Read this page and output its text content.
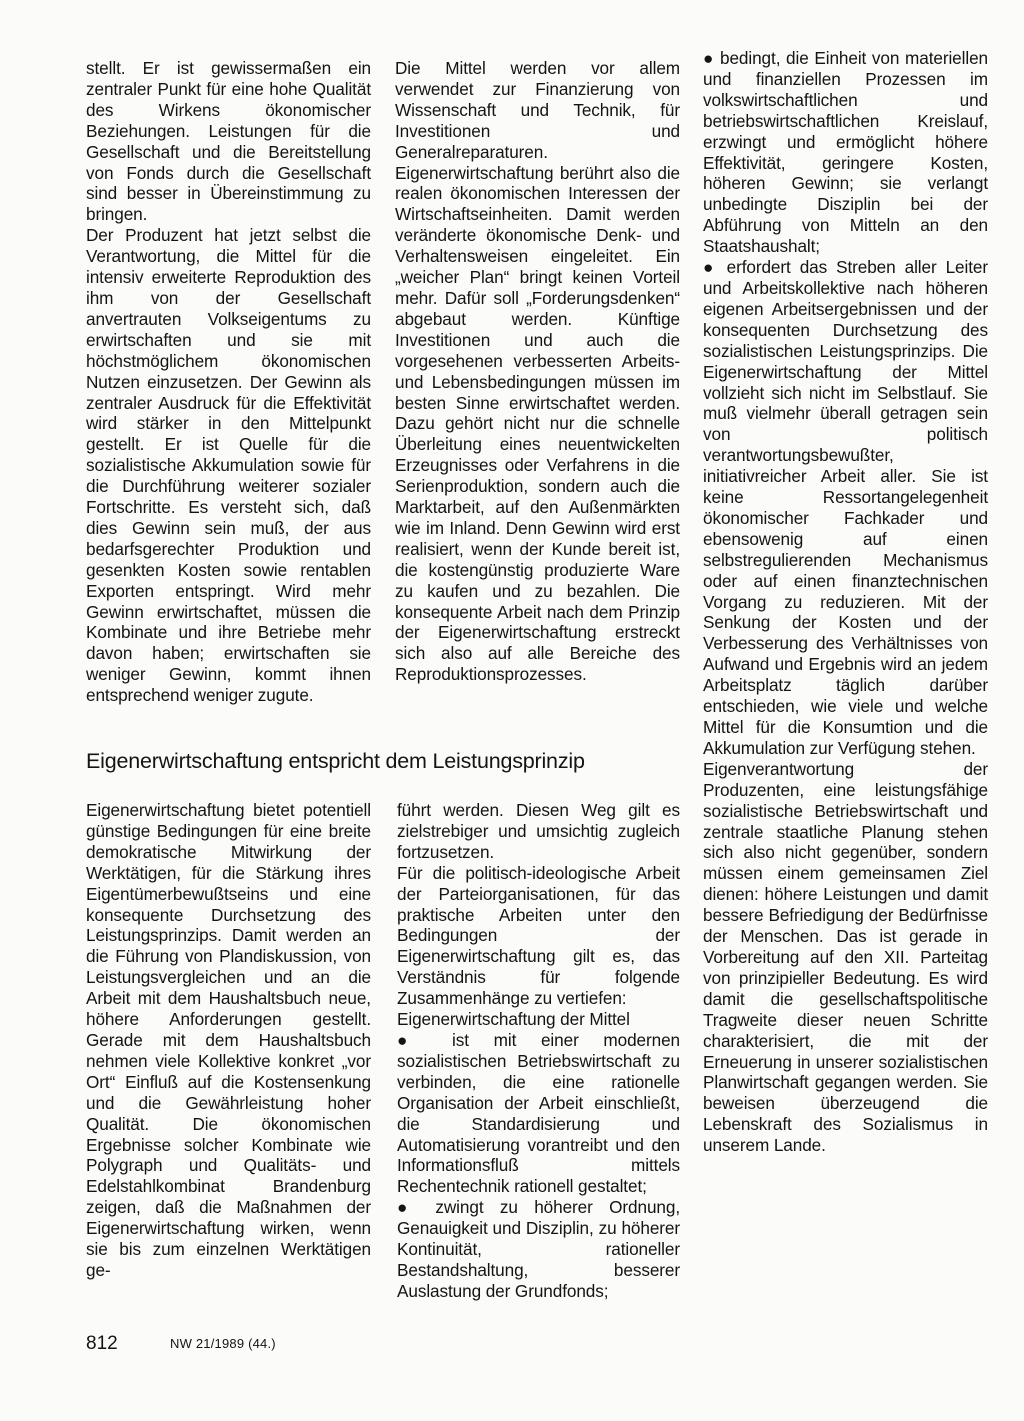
stellt. Er ist gewissermaßen ein zentraler Punkt für eine hohe Qualität des Wirkens ökonomischer Beziehungen. Leistungen für die Gesellschaft und die Bereitstellung von Fonds durch die Gesellschaft sind besser in Übereinstimmung zu bringen.

Der Produzent hat jetzt selbst die Verantwortung, die Mittel für die intensiv erweiterte Reproduktion des ihm von der Gesellschaft anvertrauten Volkseigentums zu erwirtschaften und sie mit höchstmöglichem ökonomischen Nutzen einzusetzen. Der Gewinn als zentraler Ausdruck für die Effektivität wird stärker in den Mittelpunkt gestellt. Er ist Quelle für die sozialistische Akkumulation sowie für die Durchführung weiterer sozialer Fortschritte. Es versteht sich, daß dies Gewinn sein muß, der aus bedarfsgerechter Produktion und gesenkten Kosten sowie rentablen Exporten entspringt. Wird mehr Gewinn erwirtschaftet, müssen die Kombinate und ihre Betriebe mehr davon haben; erwirtschaften sie weniger Gewinn, kommt ihnen entsprechend weniger zugute.

Die Mittel werden vor allem verwendet zur Finanzierung von Wissenschaft und Technik, für Investitionen und Generalreparaturen. Eigenerwirtschaftung berührt also die realen ökonomischen Interessen der Wirtschaftseinheiten. Damit werden veränderte ökonomische Denk- und Verhaltensweisen eingeleitet. Ein „weicher Plan“ bringt keinen Vorteil mehr. Dafür soll „Forderungsdenken“ abgebaut werden. Künftige Investitionen und auch die vorgesehenen verbesserten Arbeits- und Lebensbedingungen müssen im besten Sinne erwirtschaftet werden. Dazu gehört nicht nur die schnelle Überleitung eines neuentwickelten Erzeugnisses oder Verfahrens in die Serienproduktion, sondern auch die Marktarbeit, auf den Außenmärkten wie im Inland. Denn Gewinn wird erst realisiert, wenn der Kunde bereit ist, die kostengünstig produzierte Ware zu kaufen und zu bezahlen. Die konsequente Arbeit nach dem Prinzip der Eigenerwirtschaftung erstreckt sich also auf alle Bereiche des Reproduktionsprozesses.

● bedingt, die Einheit von materiellen und finanziellen Prozessen im volkswirtschaftlichen und betriebswirtschaftlichen Kreislauf, erzwingt und ermöglicht höhere Effektivität, geringere Kosten, höheren Gewinn; sie verlangt unbedingte Disziplin bei der Abführung von Mitteln an den Staatshaushalt;

● erfordert das Streben aller Leiter und Arbeitskollektive nach höheren eigenen Arbeitsergebnissen und der konsequenten Durchsetzung des sozialistischen Leistungsprinzips. Die Eigenerwirtschaftung der Mittel vollzieht sich nicht im Selbstlauf. Sie muß vielmehr überall getragen sein von politisch verantwortungsbewußter, initiativreicher Arbeit aller. Sie ist keine Ressortangelegenheit ökonomischer Fachkader und ebensowenig auf einen selbstregulierenden Mechanismus oder auf einen finanztechnischen Vorgang zu reduzieren. Mit der Senkung der Kosten und der Verbesserung des Verhältnisses von Aufwand und Ergebnis wird an jedem Arbeitsplatz täglich darüber entschieden, wie viele und welche Mittel für die Konsumtion und die Akkumulation zur Verfügung stehen.

Eigenverantwortung der Produzenten, eine leistungsfähige sozialistische Betriebswirtschaft und zentrale staatliche Planung stehen sich also nicht gegenüber, sondern müssen einem gemeinsamen Ziel dienen: höhere Leistungen und damit bessere Befriedigung der Bedürfnisse der Menschen. Das ist gerade in Vorbereitung auf den XII. Parteitag von prinzipieller Bedeutung. Es wird damit die gesellschaftspolitische Tragweite dieser neuen Schritte charakterisiert, die mit der Erneuerung in unserer sozialistischen Planwirtschaft gegangen werden. Sie beweisen überzeugend die Lebenskraft des Sozialismus in unserem Lande.

Eigenerwirtschaftung entspricht dem Leistungsprinzip

Eigenerwirtschaftung bietet potentiell günstige Bedingungen für eine breite demokratische Mitwirkung der Werktätigen, für die Stärkung ihres Eigentümerbewußtseins und eine konsequente Durchsetzung des Leistungsprinzips. Damit werden an die Führung von Plandiskussion, von Leistungsvergleichen und an die Arbeit mit dem Haushaltsbuch neue, höhere Anforderungen gestellt. Gerade mit dem Haushaltsbuch nehmen viele Kollektive konkret „vor Ort“ Einfluß auf die Kostensenkung und die Gewährleistung hoher Qualität. Die ökonomischen Ergebnisse solcher Kombinate wie Polygraph und Qualitäts- und Edelstahlkombinat Brandenburg zeigen, daß die Maßnahmen der Eigenerwirtschaftung wirken, wenn sie bis zum einzelnen Werktätigen ge-

führt werden. Diesen Weg gilt es zielstrebiger und umsichtig zugleich fortzusetzen.

Für die politisch-ideologische Arbeit der Parteiorganisationen, für das praktische Arbeiten unter den Bedingungen der Eigenerwirtschaftung gilt es, das Verständnis für folgende Zusammenhänge zu vertiefen:

Eigenerwirtschaftung der Mittel

● ist mit einer modernen sozialistischen Betriebswirtschaft zu verbinden, die eine rationelle Organisation der Arbeit einschließt, die Standardisierung und Automatisierung vorantreibt und den Informationsfluß mittels Rechentechnik rationell gestaltet;

● zwingt zu höherer Ordnung, Genauigkeit und Disziplin, zu höherer Kontinuität, rationeller Bestandshaltung, besserer Auslastung der Grundfonds;

812	NW 21/1989 (44.)
